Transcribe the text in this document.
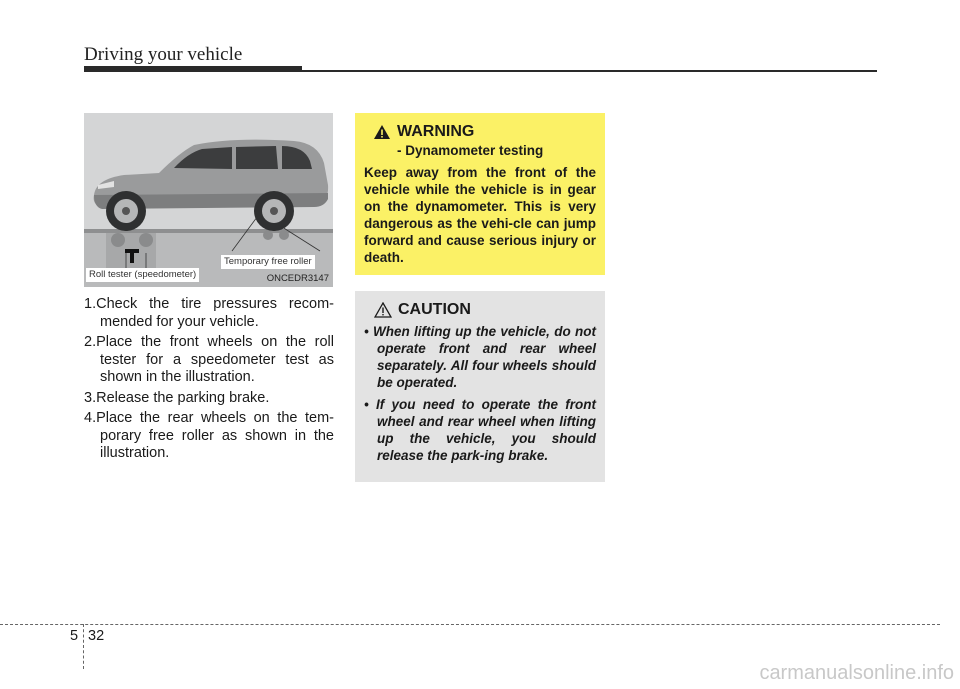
Driving your vehicle
Temporary free roller
Roll tester (speedometer)	ONCEDR3147
1.Check the tire pressures recom-mended for your vehicle.
2.Place the front wheels on the roll tester for a speedometer test as shown in the illustration.
3.Release the parking brake.
4.Place the rear wheels on the tem-porary free roller as shown in the illustration.
WARNING
- Dynamometer testing
Keep away from the front of the vehicle while the vehicle is in gear on the dynamometer. This is very dangerous as the vehi-cle can jump forward and cause serious injury or death.
CAUTION
• When lifting up the vehicle, do not operate front and rear wheel separately. All four wheels should be operated.
• If you need to operate the front wheel and rear wheel when lifting up the vehicle, you should release the park-ing brake.
5 32
carmanualsonline.info
